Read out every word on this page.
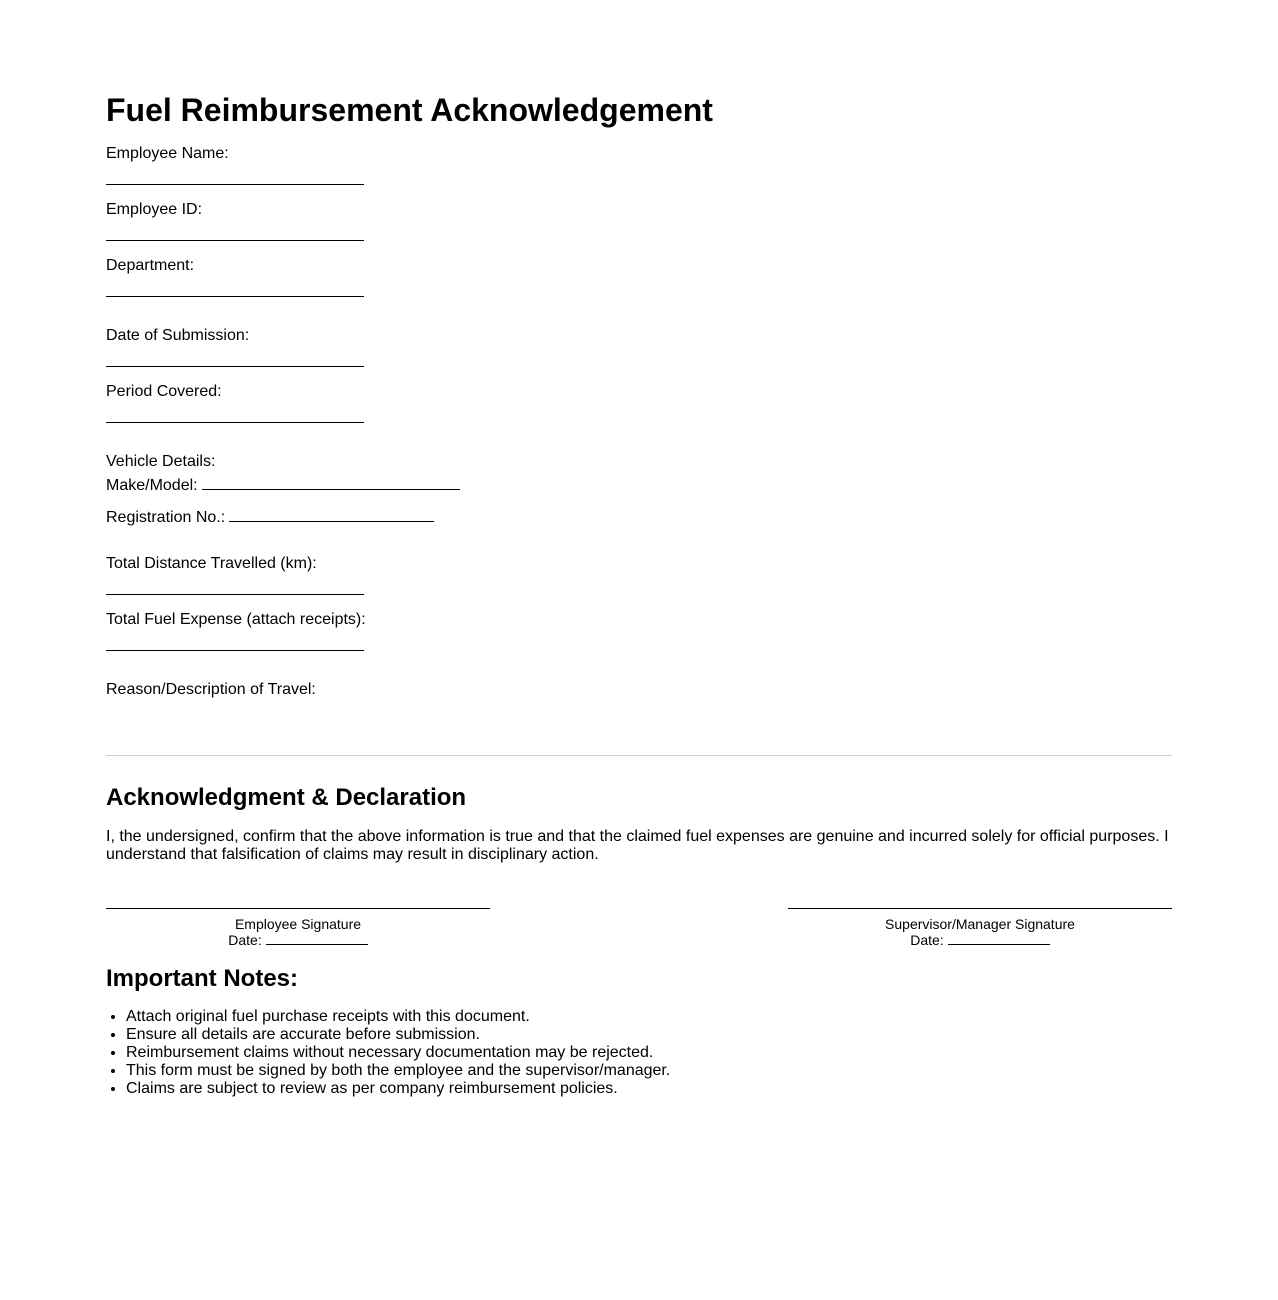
Fuel Reimbursement Acknowledgement
Employee Name:
Employee ID:
Department:
Date of Submission:
Period Covered:
Vehicle Details:
Make/Model:
Registration No.:
Total Distance Travelled (km):
Total Fuel Expense (attach receipts):
Reason/Description of Travel:
Acknowledgment & Declaration

I, the undersigned, confirm that the above information is true and that the claimed fuel expenses are genuine and incurred solely for official purposes. I understand that falsification of claims may result in disciplinary action.

Employee Signature
Date:
Supervisor/Manager Signature
Date:
Important Notes:
• Attach original fuel purchase receipts with this document.
• Ensure all details are accurate before submission.
• Reimbursement claims without necessary documentation may be rejected.
• This form must be signed by both the employee and the supervisor/manager.
• Claims are subject to review as per company reimbursement policies.
